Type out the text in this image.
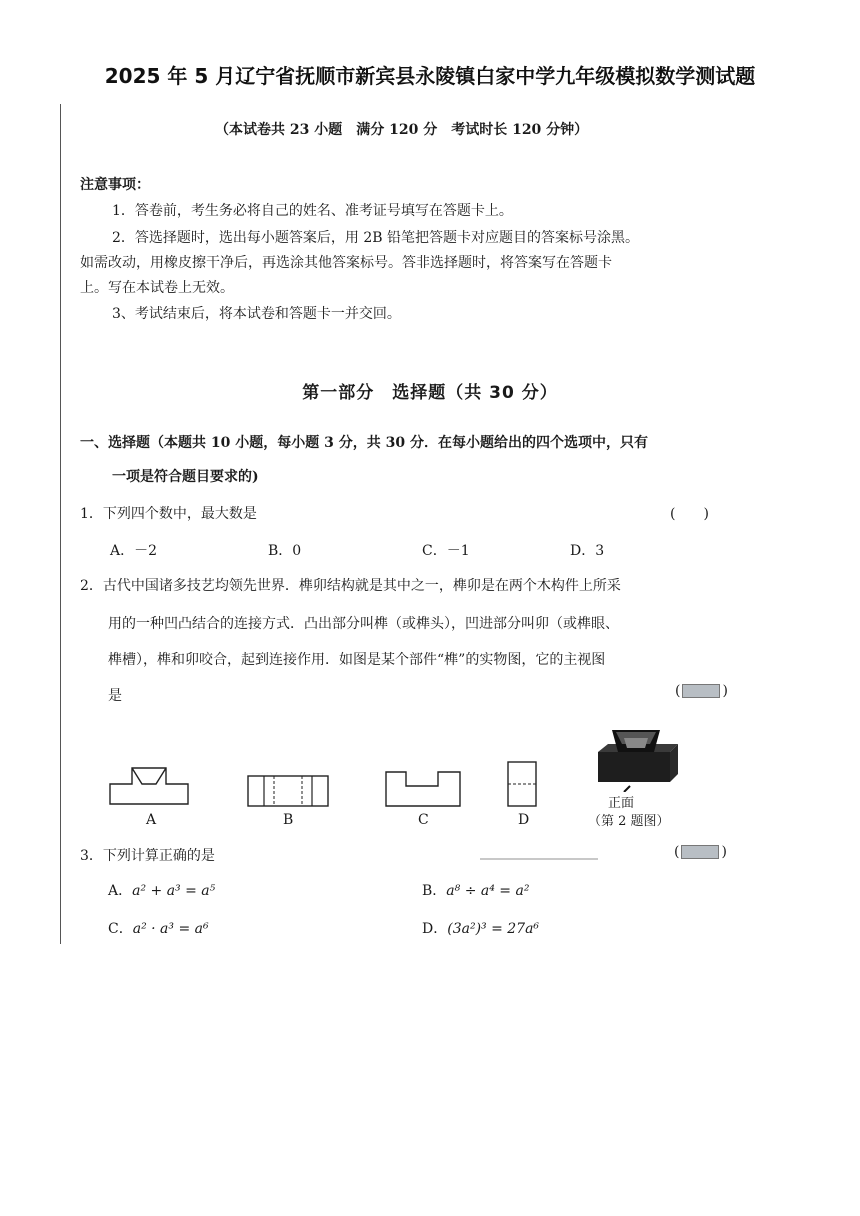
2025 年 5 月辽宁省抚顺市新宾县永陵镇白家中学九年级模拟数学测试题
（本试卷共 23 小题　满分 120 分　考试时长 120 分钟）
注意事项：
1．答卷前，考生务必将自己的姓名、准考证号填写在答题卡上。
2．答选择题时，选出每小题答案后，用 2B 铅笔把答题卡对应题目的答案标号涂黑。
如需改动，用橡皮擦干净后，再选涂其他答案标号。答非选择题时，将答案写在答题卡
上。写在本试卷上无效。
3、考试结束后，将本试卷和答题卡一并交回。
第一部分　选择题（共 30 分）
一、选择题（本题共 10 小题，每小题 3 分，共 30 分．在每小题给出的四个选项中，只有
一项是符合题目要求的)
1．下列四个数中，最大数是	(　　)
A．－2	B．0	C．－1	D．3
2．古代中国诸多技艺均领先世界．榫卯结构就是其中之一，榫卯是在两个木构件上所采
用的一种凹凸结合的连接方式．凸出部分叫榫（或榫头），凹进部分叫卯（或榫眼、
榫槽），榫和卯咬合，起到连接作用．如图是某个部件“榫”的实物图，它的主视图
是	(	)
A	B	C	D
正面
（第 2 题图）
3．下列计算正确的是	(	)
A．a² + a³ = a⁵	B．a⁸ ÷ a⁴ = a²
C．a² · a³ = a⁶	D．(3a²)³ = 27a⁶
